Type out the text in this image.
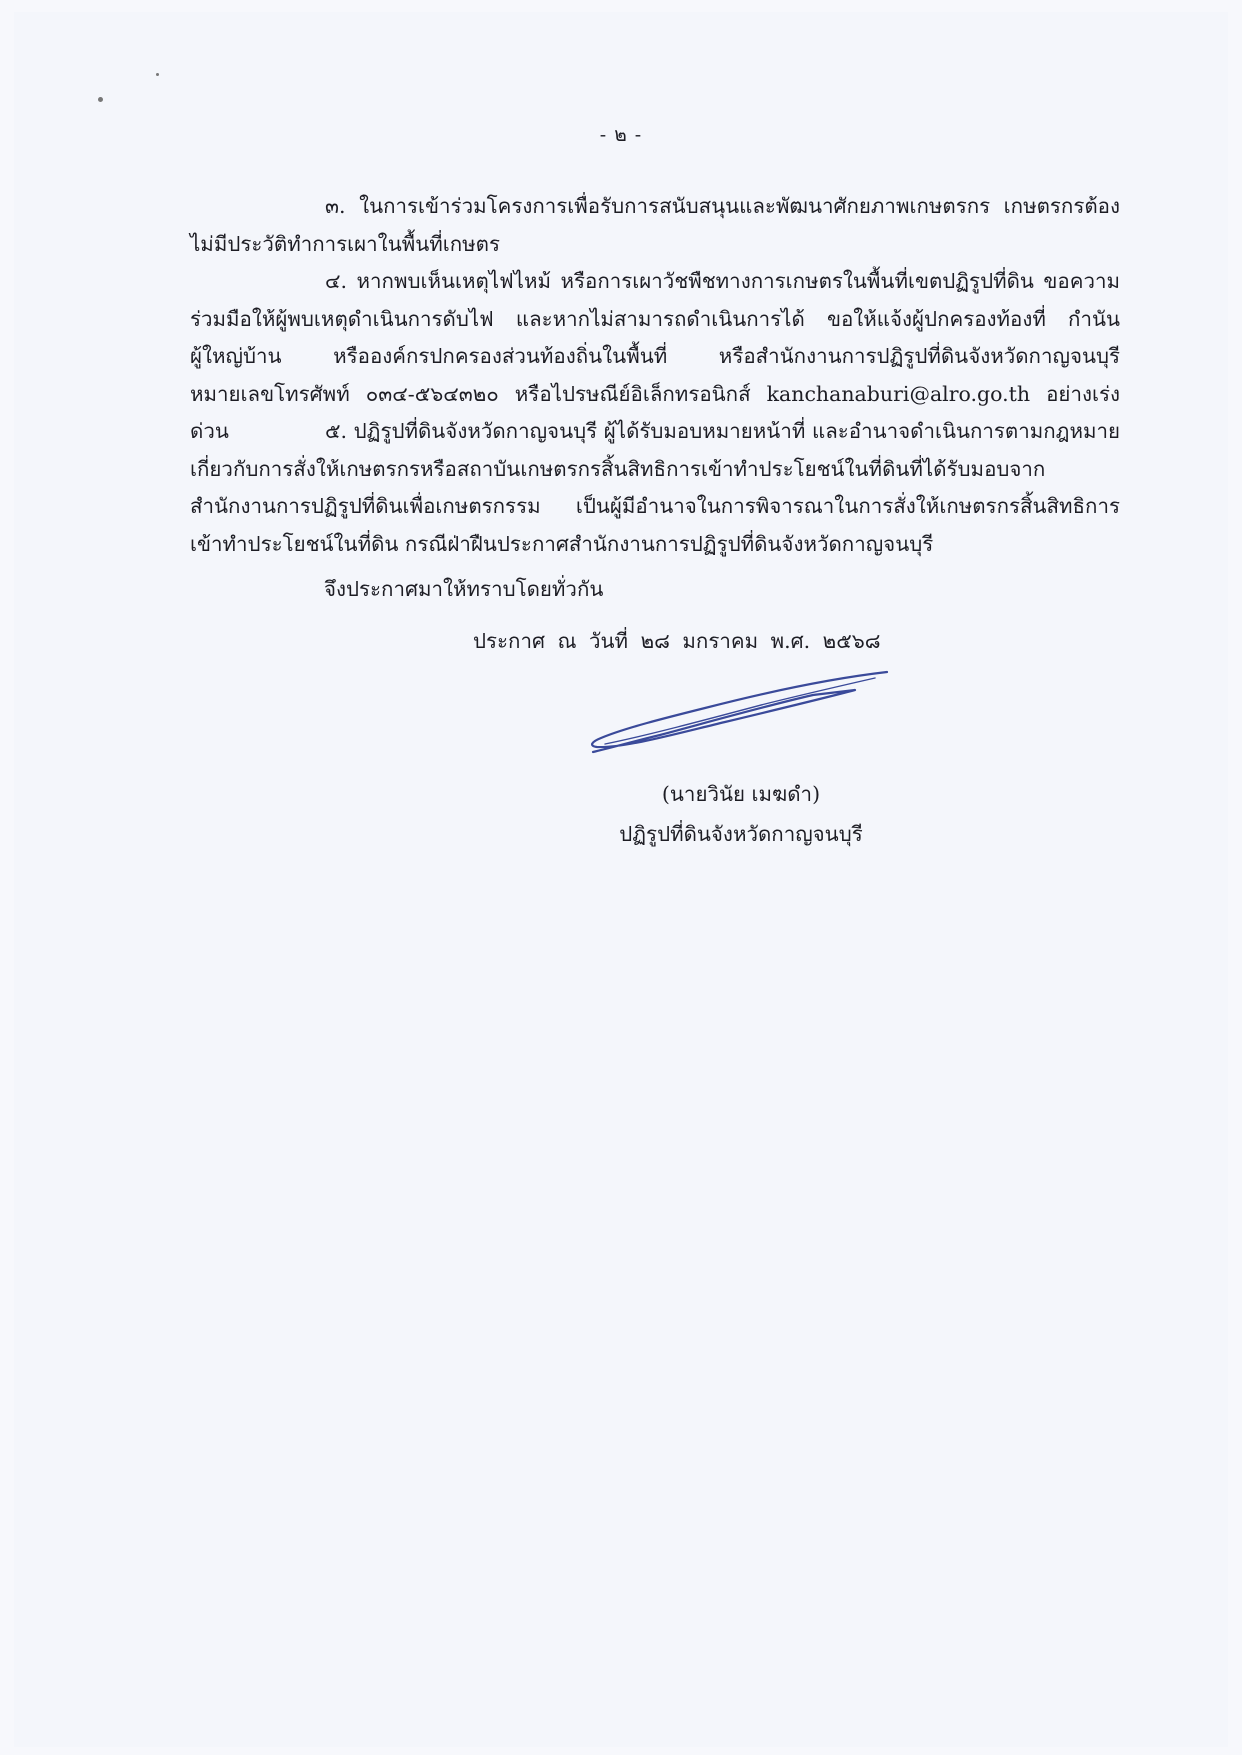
- ๒ -

๓. ในการเข้าร่วมโครงการเพื่อรับการสนับสนุนและพัฒนาศักยภาพเกษตรกร เกษตรกรต้องไม่มีประวัติทำการเผาในพื้นที่เกษตร

๔. หากพบเห็นเหตุไฟไหม้ หรือการเผาวัชพืชทางการเกษตรในพื้นที่เขตปฏิรูปที่ดิน ขอความร่วมมือให้ผู้พบเหตุดำเนินการดับไฟ และหากไม่สามารถดำเนินการได้ ขอให้แจ้งผู้ปกครองท้องที่ กำนัน ผู้ใหญ่บ้าน หรือองค์กรปกครองส่วนท้องถิ่นในพื้นที่ หรือสำนักงานการปฏิรูปที่ดินจังหวัดกาญจนบุรี หมายเลขโทรศัพท์ ๐๓๔-๕๖๔๓๒๐ หรือไปรษณีย์อิเล็กทรอนิกส์ kanchanaburi@alro.go.th อย่างเร่งด่วน	๕. ปฏิรูปที่ดินจังหวัดกาญจนบุรี ผู้ได้รับมอบหมายหน้าที่ และอำนาจดำเนินการตามกฎหมายเกี่ยวกับการสั่งให้เกษตรกรหรือสถาบันเกษตรกรสิ้นสิทธิการเข้าทำประโยชน์ในที่ดินที่ได้รับมอบจากสำนักงานการปฏิรูปที่ดินเพื่อเกษตรกรรม เป็นผู้มีอำนาจในการพิจารณาในการสั่งให้เกษตรกรสิ้นสิทธิการเข้าทำประโยชน์ในที่ดิน กรณีฝ่าฝืนประกาศสำนักงานการปฏิรูปที่ดินจังหวัดกาญจนบุรี

จึงประกาศมาให้ทราบโดยทั่วกัน
ประกาศ ณ วันที่ ๒๘ มกราคม พ.ศ. ๒๕๖๘
(นายวินัย เมฆดำ)
ปฏิรูปที่ดินจังหวัดกาญจนบุรี
